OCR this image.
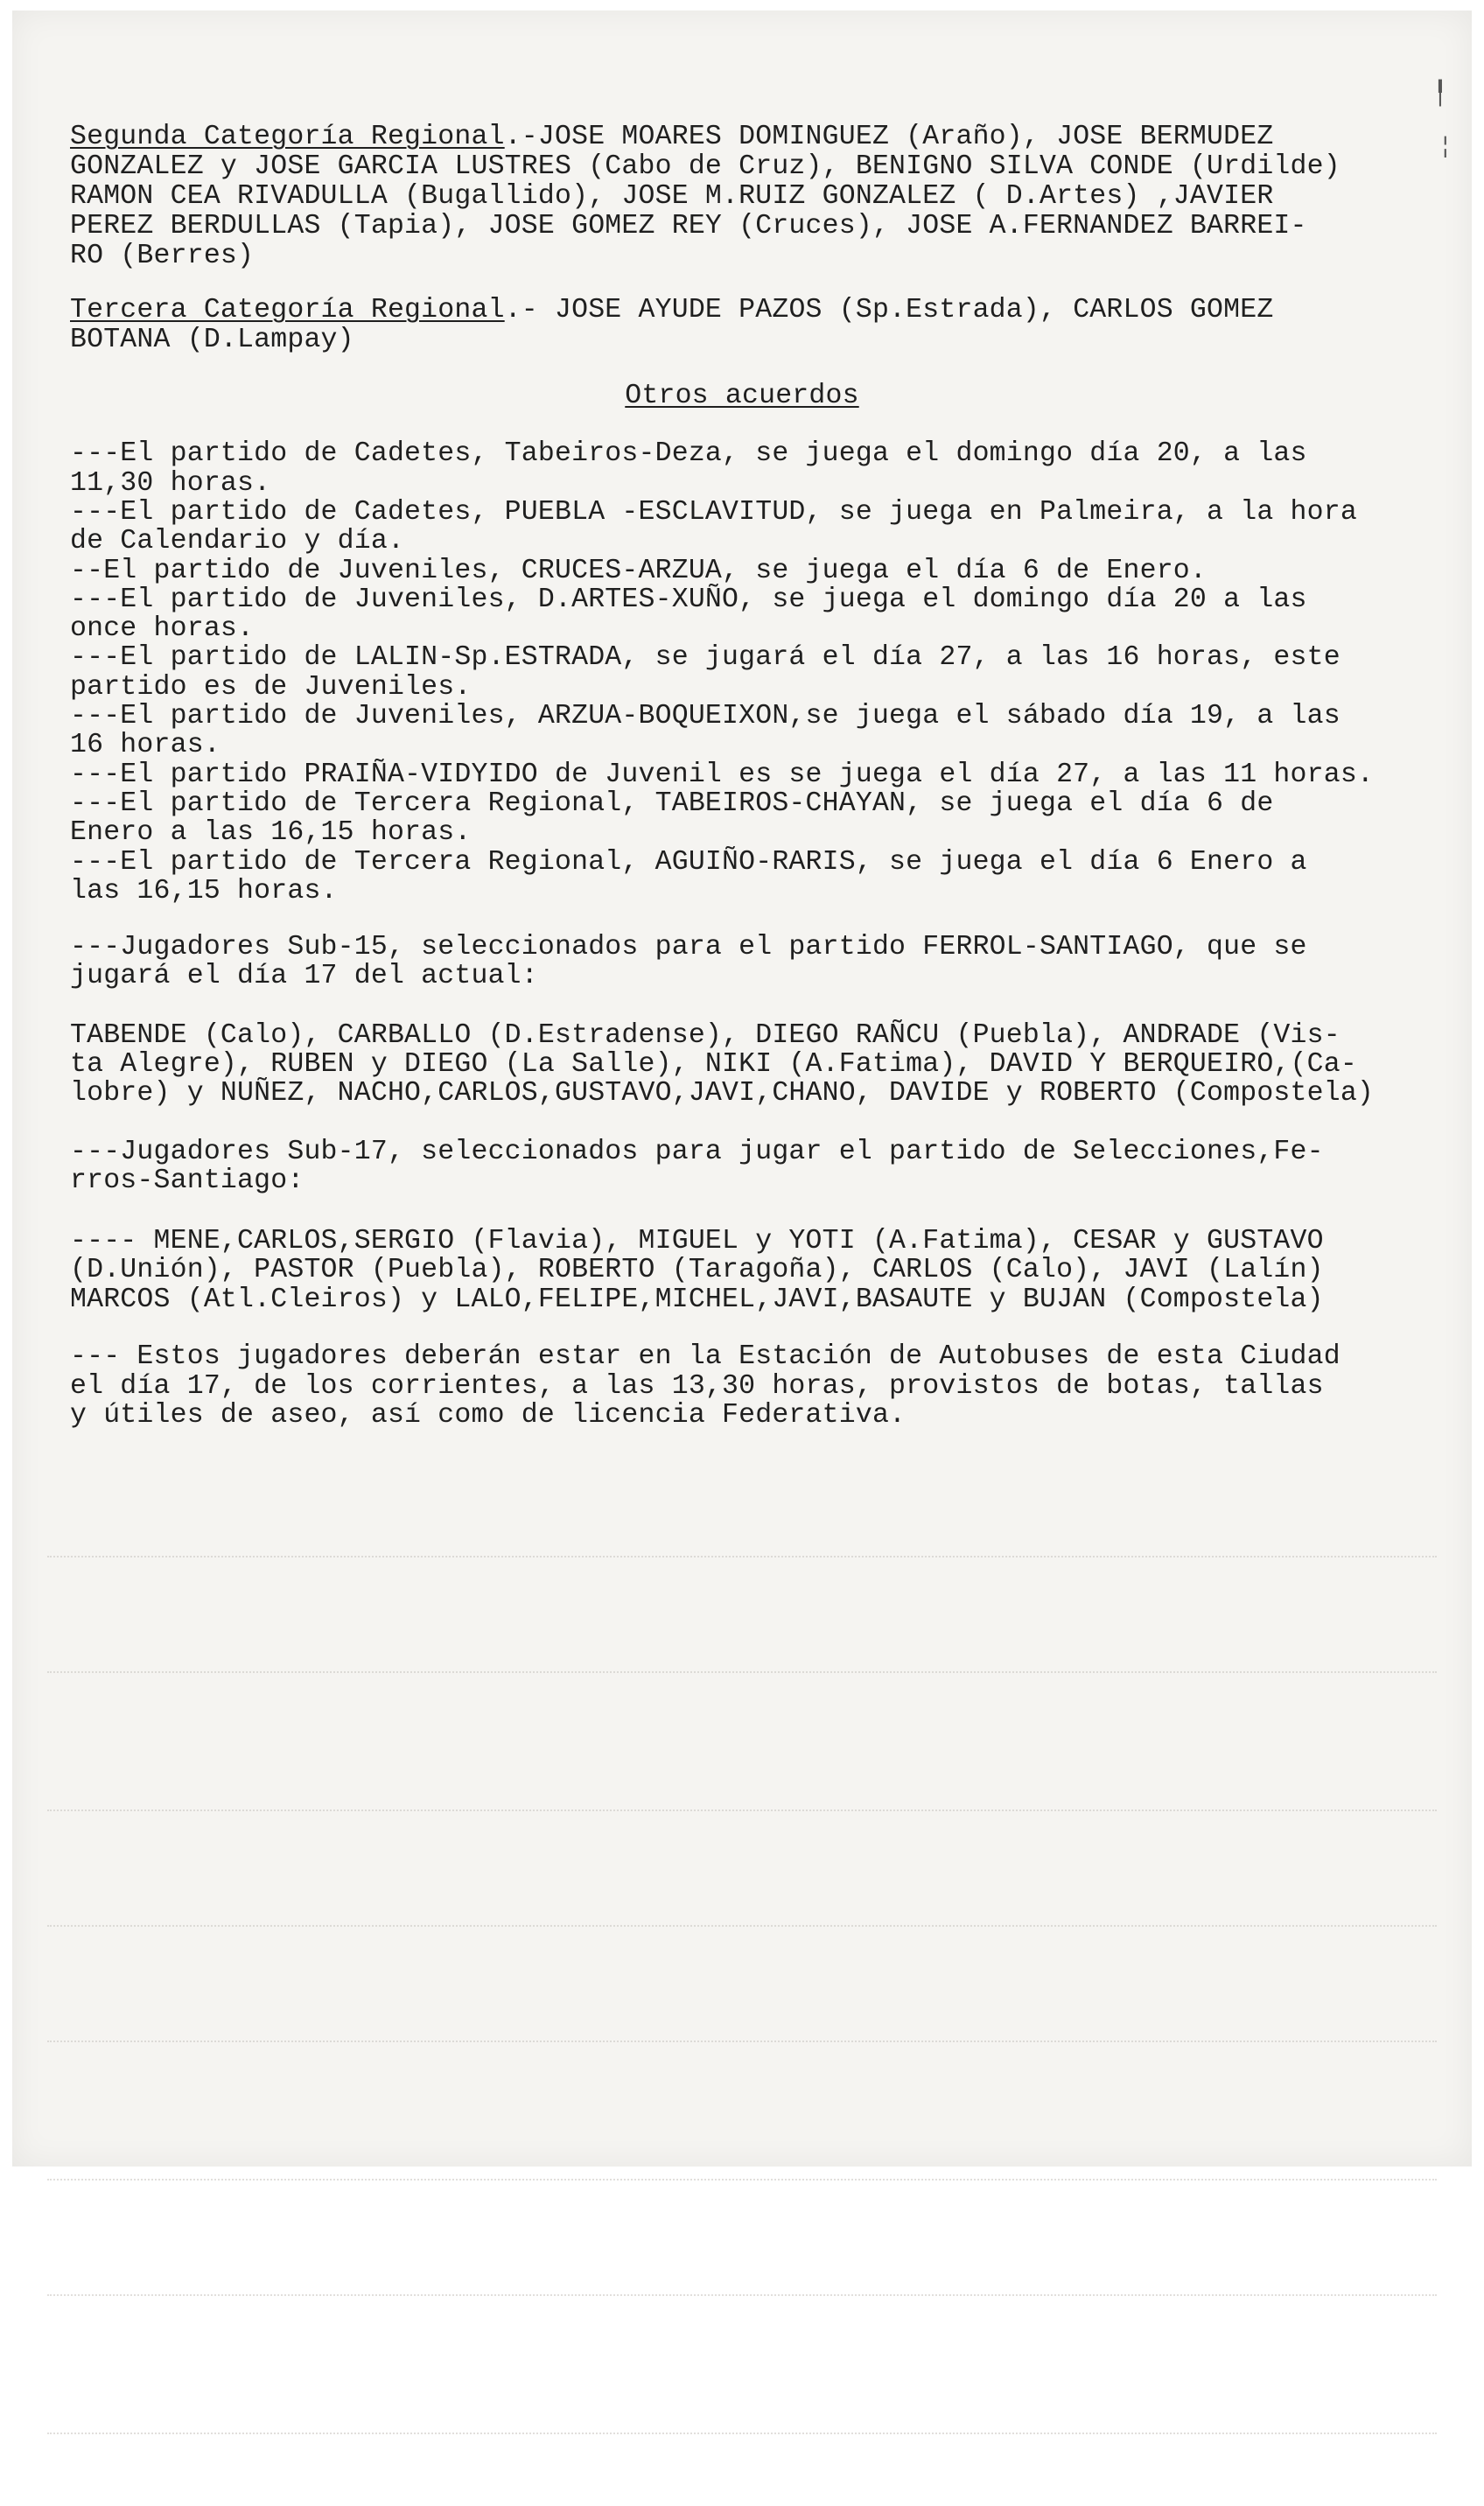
Segunda Categoría Regional.-JOSE MOARES DOMINGUEZ (Araño), JOSE BERMUDEZ
GONZALEZ y JOSE GARCIA LUSTRES (Cabo de Cruz), BENIGNO SILVA CONDE (Urdilde)
RAMON CEA RIVADULLA (Bugallido), JOSE M.RUIZ GONZALEZ ( D.Artes) ,JAVIER
PEREZ BERDULLAS (Tapia), JOSE GOMEZ REY (Cruces), JOSE A.FERNANDEZ BARREI-
RO (Berres)
Tercera Categoría Regional.- JOSE AYUDE PAZOS (Sp.Estrada), CARLOS GOMEZ
BOTANA (D.Lampay)
Otros acuerdos
---El partido de Cadetes, Tabeiros-Deza, se juega el domingo día 20, a las
11,30 horas.
---El partido de Cadetes, PUEBLA -ESCLAVITUD, se juega en Palmeira, a la hora
de Calendario y día.
--El partido de Juveniles, CRUCES-ARZUA, se juega el día 6 de Enero.
---El partido de Juveniles, D.ARTES-XUÑO, se juega el domingo día 20 a las
once horas.
---El partido de LALIN-Sp.ESTRADA, se jugará el día 27, a las 16 horas, este
partido es de Juveniles.
---El partido de Juveniles, ARZUA-BOQUEIXON,se juega el sábado día 19, a las
16 horas.
---El partido PRAIÑA-VIDYIDO de Juvenil es se juega el día 27, a las 11 horas.
---El partido de Tercera Regional, TABEIROS-CHAYAN, se juega el día 6 de
Enero a las 16,15 horas.
---El partido de Tercera Regional, AGUIÑO-RARIS, se juega el día 6 Enero a
las 16,15 horas.
---Jugadores Sub-15, seleccionados para el partido FERROL-SANTIAGO, que se
jugará el día 17 del actual:
TABENDE (Calo), CARBALLO (D.Estradense), DIEGO RAÑCU (Puebla), ANDRADE (Vis-
ta Alegre), RUBEN y DIEGO (La Salle), NIKI (A.Fatima), DAVID Y BERQUEIRO,(Ca-
lobre) y NUÑEZ, NACHO,CARLOS,GUSTAVO,JAVI,CHANO, DAVIDE y ROBERTO (Compostela)
---Jugadores Sub-17, seleccionados para jugar el partido de Selecciones,Fe-
rros-Santiago:
---- MENE,CARLOS,SERGIO (Flavia), MIGUEL y YOTI (A.Fatima), CESAR y GUSTAVO
(D.Unión), PASTOR (Puebla), ROBERTO (Taragoña), CARLOS (Calo), JAVI (Lalín)
MARCOS (Atl.Cleiros) y LALO,FELIPE,MICHEL,JAVI,BASAUTE y BUJAN (Compostela)
--- Estos jugadores deberán estar en la Estación de Autobuses de esta Ciudad
el día 17, de los corrientes, a las 13,30 horas, provistos de botas, tallas
y útiles de aseo, así como de licencia Federativa.

╿
¦
